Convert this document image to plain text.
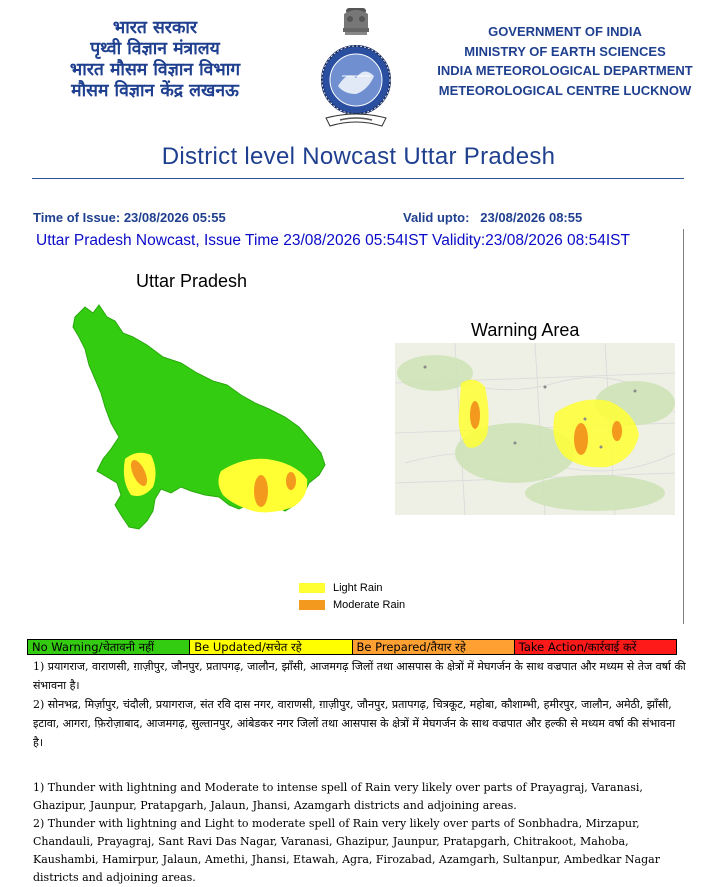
भारत सरकार
पृथ्वी विज्ञान मंत्रालय
भारत मौसम विज्ञान विभाग
मौसम विज्ञान केंद्र लखनऊ
GOVERNMENT OF INDIA
MINISTRY OF EARTH SCIENCES
INDIA METEOROLOGICAL DEPARTMENT
METEOROLOGICAL CENTRE LUCKNOW
District level Nowcast Uttar Pradesh
Time of Issue: 23/08/2026 05:55	Valid upto: 23/08/2026 08:55
Uttar Pradesh Nowcast, Issue Time 23/08/2026 05:54IST Validity:23/08/2026 08:54IST
Uttar Pradesh
Warning Area
Light Rain
Moderate Rain
No Warning/चेतावनी नहीं	Be Updated/सचेत रहे	Be Prepared/तैयार रहे	Take Action/कार्रवाई करें

1) प्रयागराज, वाराणसी, ग़ाज़ीपुर, जौनपुर, प्रतापगढ़, जालौन, झाँसी, आजमगढ़ जिलों तथा आसपास के क्षेत्रों में मेघगर्जन के साथ वज्रपात और मध्यम से तेज वर्षा की संभावना है।

2) सोनभद्र, मिर्ज़ापुर, चंदौली, प्रयागराज, संत रवि दास नगर, वाराणसी, ग़ाज़ीपुर, जौनपुर, प्रतापगढ़, चित्रकूट, महोबा, कौशाम्भी, हमीरपुर, जालौन, अमेठी, झाँसी, इटावा, आगरा, फ़िरोज़ाबाद, आजमगढ़, सुल्तानपुर, आंबेडकर नगर जिलों तथा आसपास के क्षेत्रों में मेघगर्जन के साथ वज्रपात और हल्की से मध्यम वर्षा की संभावना है।

1) Thunder with lightning and Moderate to intense spell of Rain very likely over parts of Prayagraj, Varanasi, Ghazipur, Jaunpur, Pratapgarh, Jalaun, Jhansi, Azamgarh districts and adjoining areas.

2) Thunder with lightning and Light to moderate spell of Rain very likely over parts of Sonbhadra, Mirzapur, Chandauli, Prayagraj, Sant Ravi Das Nagar, Varanasi, Ghazipur, Jaunpur, Pratapgarh, Chitrakoot, Mahoba, Kaushambi, Hamirpur, Jalaun, Amethi, Jhansi, Etawah, Agra, Firozabad, Azamgarh, Sultanpur, Ambedkar Nagar districts and adjoining areas.
